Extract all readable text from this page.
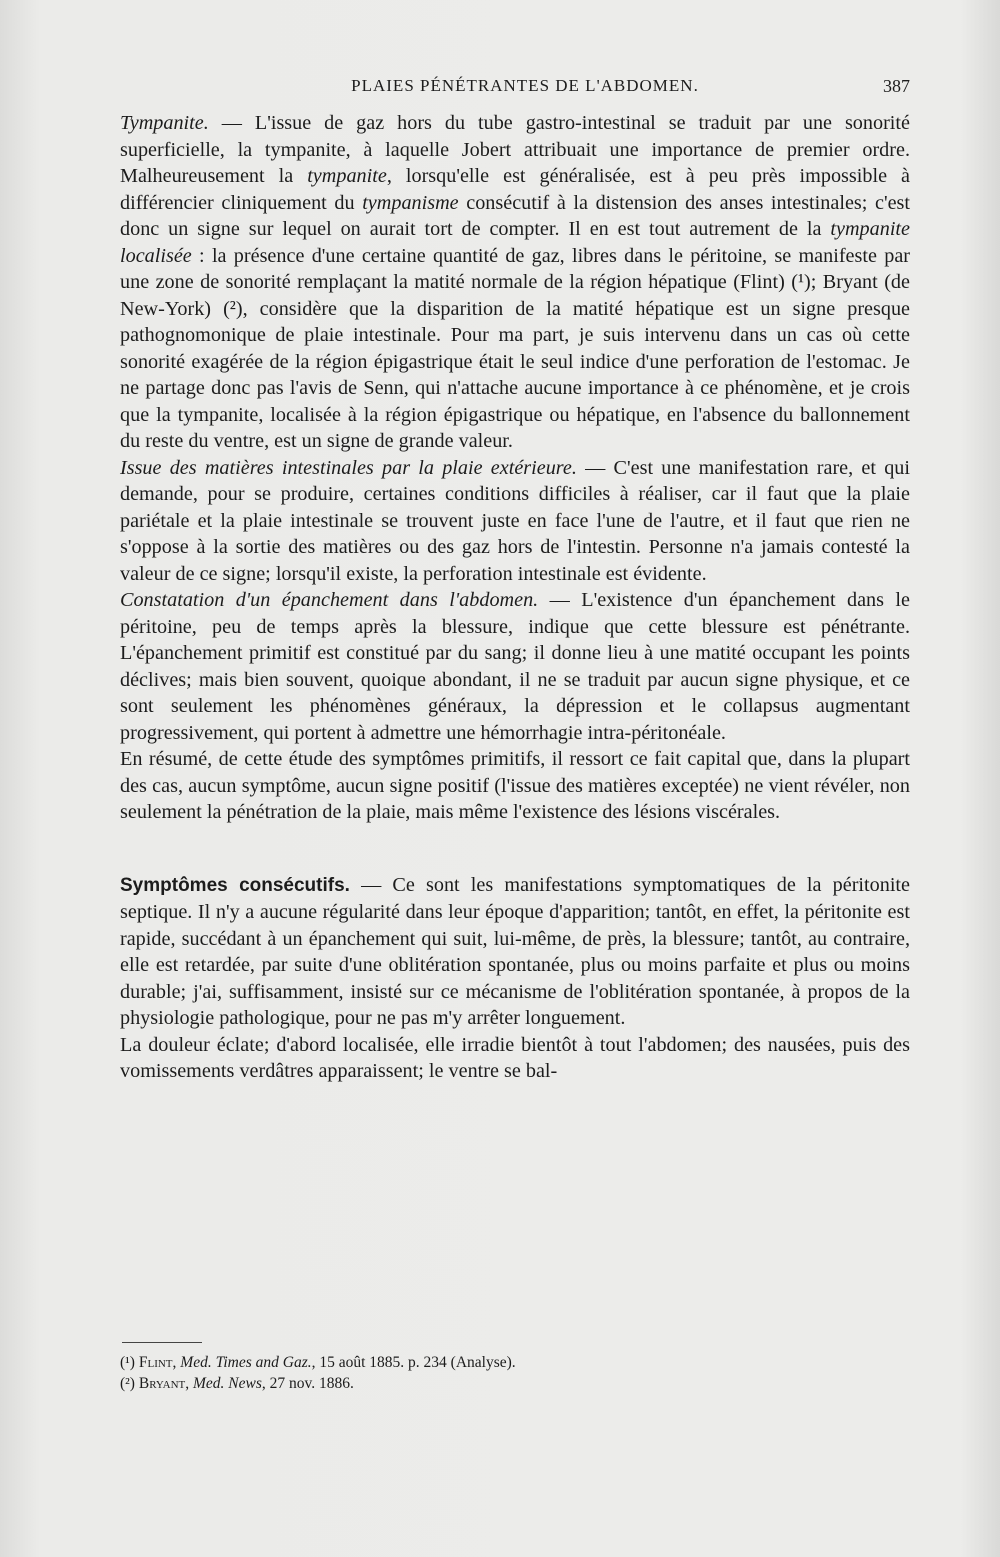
PLAIES PÉNÉTRANTES DE L'ABDOMEN.	387

Tympanite. — L'issue de gaz hors du tube gastro-intestinal se traduit par une sonorité superficielle, la tympanite, à laquelle Jobert attribuait une importance de premier ordre. Malheureusement la tympanite, lorsqu'elle est généralisée, est à peu près impossible à différencier cliniquement du tympanisme consécutif à la distension des anses intestinales; c'est donc un signe sur lequel on aurait tort de compter. Il en est tout autrement de la tympanite localisée : la présence d'une certaine quantité de gaz, libres dans le péritoine, se manifeste par une zone de sonorité remplaçant la matité normale de la région hépatique (Flint) (¹); Bryant (de New-York) (²), considère que la disparition de la matité hépatique est un signe presque pathognomonique de plaie intestinale. Pour ma part, je suis intervenu dans un cas où cette sonorité exagérée de la région épigastrique était le seul indice d'une perforation de l'estomac. Je ne partage donc pas l'avis de Senn, qui n'attache aucune importance à ce phénomène, et je crois que la tympanite, localisée à la région épigastrique ou hépatique, en l'absence du ballonnement du reste du ventre, est un signe de grande valeur.

Issue des matières intestinales par la plaie extérieure. — C'est une manifestation rare, et qui demande, pour se produire, certaines conditions difficiles à réaliser, car il faut que la plaie pariétale et la plaie intestinale se trouvent juste en face l'une de l'autre, et il faut que rien ne s'oppose à la sortie des matières ou des gaz hors de l'intestin. Personne n'a jamais contesté la valeur de ce signe; lorsqu'il existe, la perforation intestinale est évidente.

Constatation d'un épanchement dans l'abdomen. — L'existence d'un épanchement dans le péritoine, peu de temps après la blessure, indique que cette blessure est pénétrante. L'épanchement primitif est constitué par du sang; il donne lieu à une matité occupant les points déclives; mais bien souvent, quoique abondant, il ne se traduit par aucun signe physique, et ce sont seulement les phénomènes généraux, la dépression et le collapsus augmentant progressivement, qui portent à admettre une hémorrhagie intra-péritonéale.

En résumé, de cette étude des symptômes primitifs, il ressort ce fait capital que, dans la plupart des cas, aucun symptôme, aucun signe positif (l'issue des matières exceptée) ne vient révéler, non seulement la pénétration de la plaie, mais même l'existence des lésions viscérales.

Symptômes consécutifs. — Ce sont les manifestations symptomatiques de la péritonite septique. Il n'y a aucune régularité dans leur époque d'apparition; tantôt, en effet, la péritonite est rapide, succédant à un épanchement qui suit, lui-même, de près, la blessure; tantôt, au contraire, elle est retardée, par suite d'une oblitération spontanée, plus ou moins parfaite et plus ou moins durable; j'ai, suffisamment, insisté sur ce mécanisme de l'oblitération spontanée, à propos de la physiologie pathologique, pour ne pas m'y arrêter longuement.

La douleur éclate; d'abord localisée, elle irradie bientôt à tout l'abdomen; des nausées, puis des vomissements verdâtres apparaissent; le ventre se bal-

(¹) Flint, Med. Times and Gaz., 15 août 1885. p. 234 (Analyse).
(²) Bryant, Med. News, 27 nov. 1886.
